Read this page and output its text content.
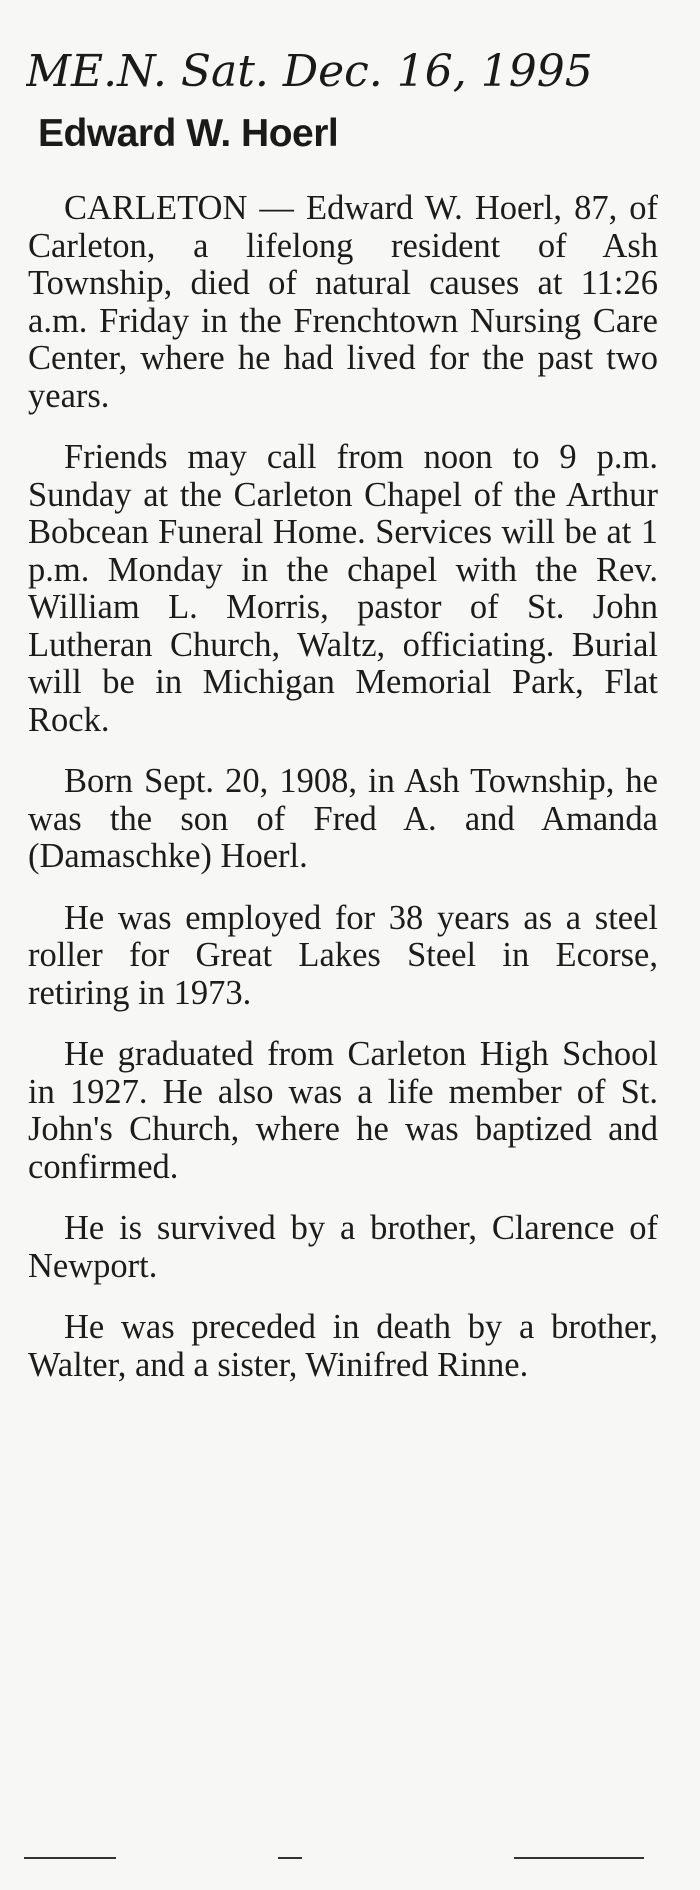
ME.N. Sat. Dec. 16, 1995
Edward W. Hoerl

CARLETON — Edward W. Hoerl, 87, of Carleton, a lifelong resident of Ash Township, died of natural causes at 11:26 a.m. Friday in the Frenchtown Nursing Care Center, where he had lived for the past two years.

Friends may call from noon to 9 p.m. Sunday at the Carleton Chapel of the Arthur Bobcean Funeral Home. Services will be at 1 p.m. Monday in the chapel with the Rev. William L. Morris, pastor of St. John Lutheran Church, Waltz, officiating. Burial will be in Michigan Memorial Park, Flat Rock.

Born Sept. 20, 1908, in Ash Township, he was the son of Fred A. and Amanda (Damaschke) Hoerl.

He was employed for 38 years as a steel roller for Great Lakes Steel in Ecorse, retiring in 1973.

He graduated from Carleton High School in 1927. He also was a life member of St. John's Church, where he was baptized and confirmed.

He is survived by a brother, Clarence of Newport.

He was preceded in death by a brother, Walter, and a sister, Winifred Rinne.
